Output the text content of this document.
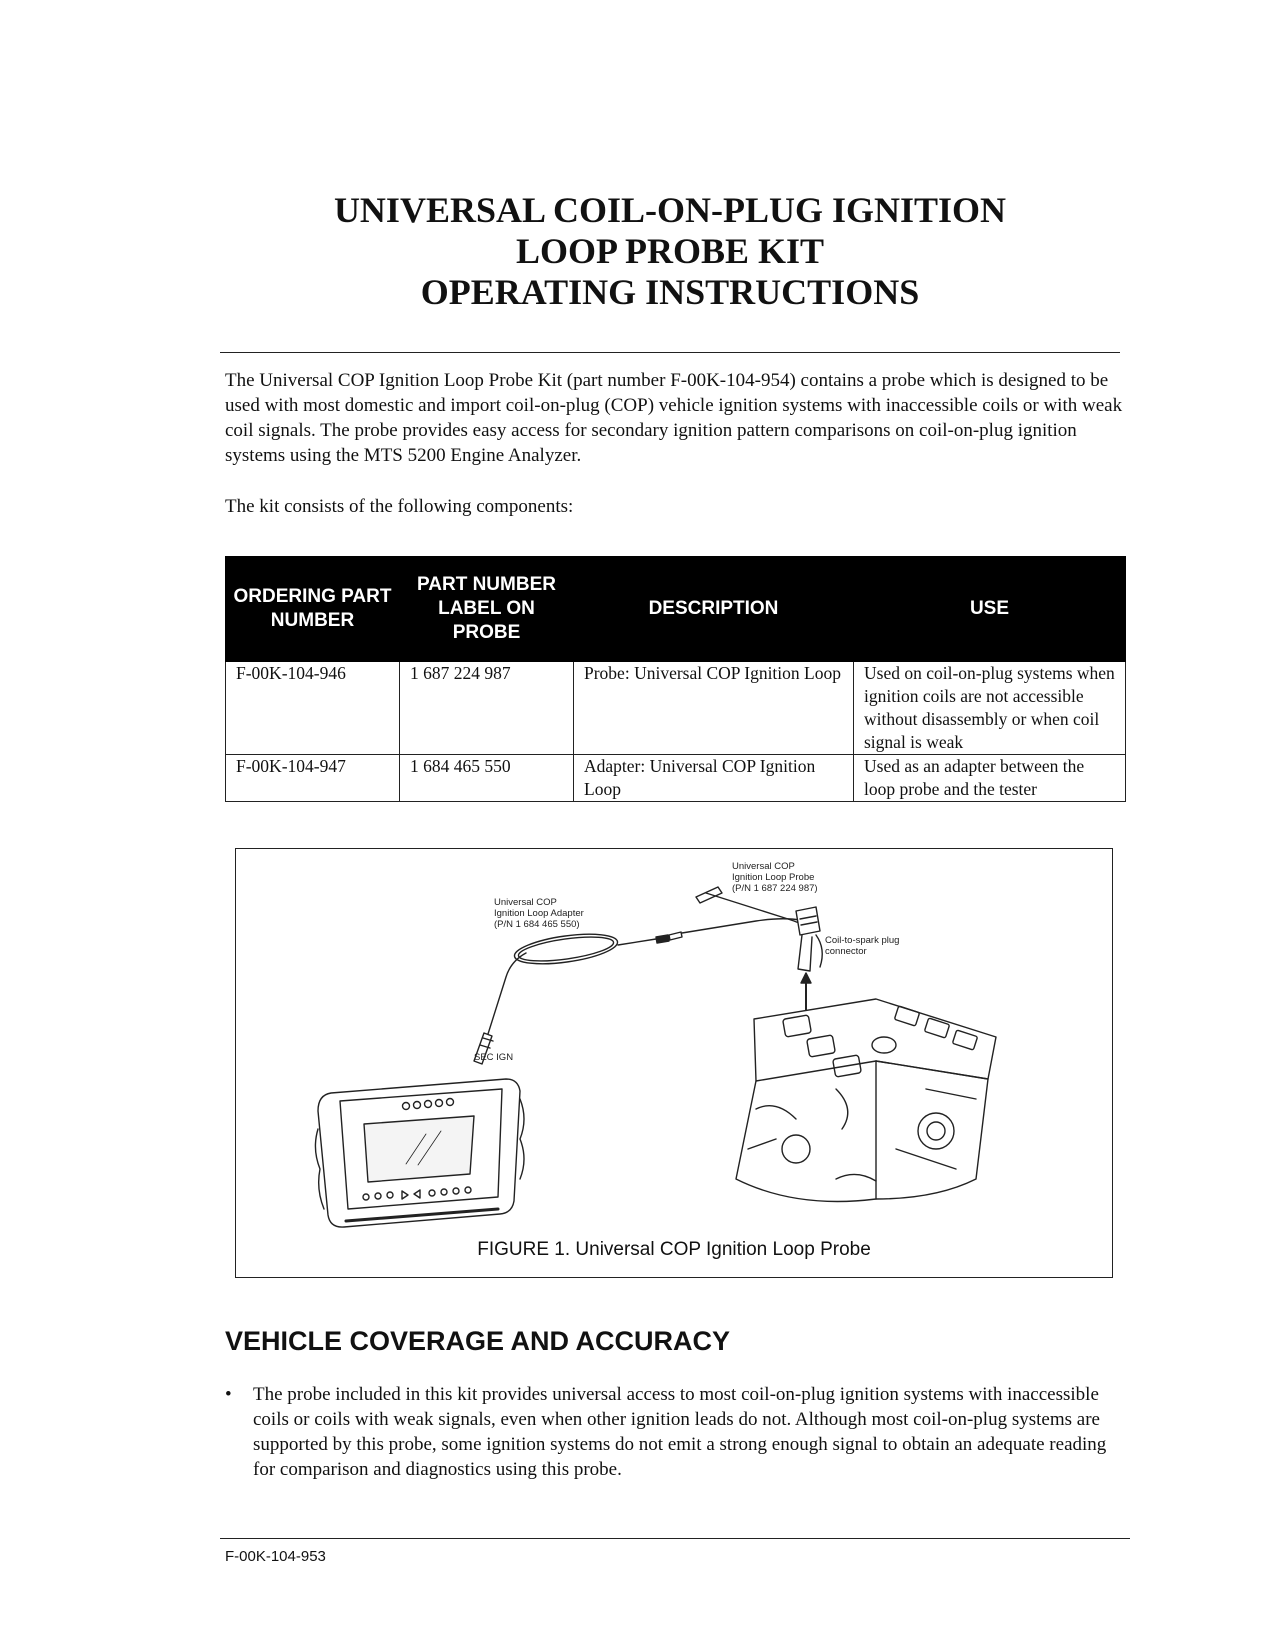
UNIVERSAL COIL-ON-PLUG IGNITION
LOOP PROBE KIT
OPERATING INSTRUCTIONS

The Universal COP Ignition Loop Probe Kit (part number F-00K-104-954) contains a probe which is designed to be used with most domestic and import coil-on-plug (COP) vehicle ignition systems with inaccessible coils or with weak coil signals. The probe provides easy access for secondary ignition pattern comparisons on coil-on-plug ignition systems using the MTS 5200 Engine Analyzer.

The kit consists of the following components:

ORDERING PART NUMBER	PART NUMBER LABEL ON PROBE	DESCRIPTION	USE
F-00K-104-946	1 687 224 987	Probe: Universal COP Ignition Loop	Used on coil-on-plug systems when ignition coils are not accessible without disassembly or when coil signal is weak
F-00K-104-947	1 684 465 550	Adapter: Universal COP Ignition Loop	Used as an adapter between the loop probe and the tester
Universal COP
Ignition Loop Probe
(P/N 1 687 224 987)
Universal COP
Ignition Loop Adapter
(P/N 1 684 465 550)
Coil-to-spark plug
connector
SEC IGN
FIGURE 1. Universal COP Ignition Loop Probe
VEHICLE COVERAGE AND ACCURACY
• The probe included in this kit provides universal access to most coil-on-plug ignition systems with inaccessible coils or coils with weak signals, even when other ignition leads do not. Although most coil-on-plug systems are supported by this probe, some ignition systems do not emit a strong enough signal to obtain an adequate reading for comparison and diagnostics using this probe.
F-00K-104-953
